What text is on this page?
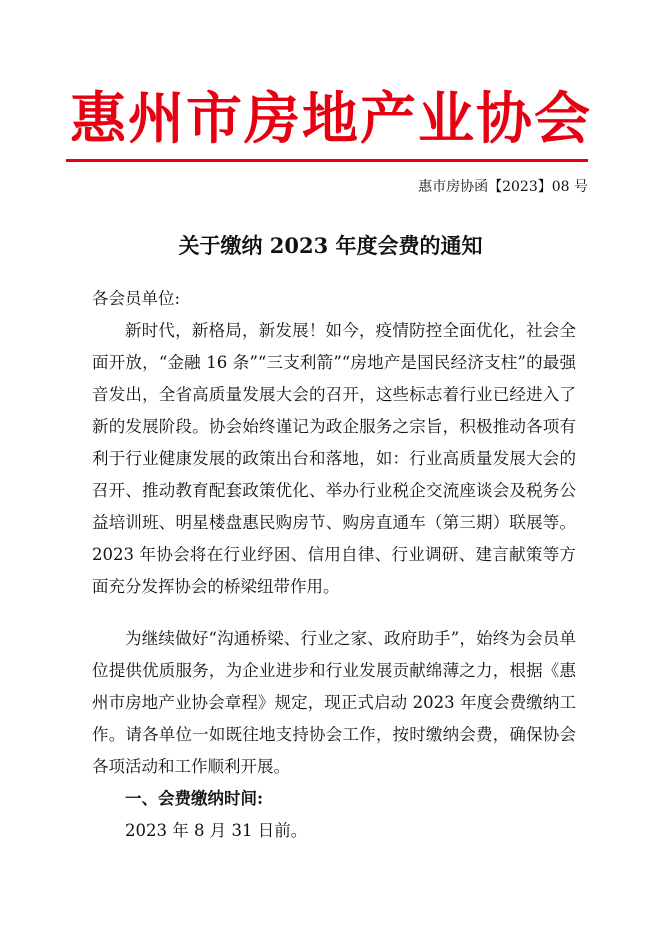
惠州市房地产业协会
惠市房协函【2023】08 号
关于缴纳 2023 年度会费的通知
各会员单位:
新时代，新格局，新发展！如今，疫情防控全面优化，社会全面开放，“金融 16 条”“三支利箭”“房地产是国民经济支柱”的最强音发出，全省高质量发展大会的召开，这些标志着行业已经进入了新的发展阶段。协会始终谨记为政企服务之宗旨，积极推动各项有利于行业健康发展的政策出台和落地，如：行业高质量发展大会的召开、推动教育配套政策优化、举办行业税企交流座谈会及税务公益培训班、明星楼盘惠民购房节、购房直通车（第三期）联展等。2023 年协会将在行业纾困、信用自律、行业调研、建言献策等方面充分发挥协会的桥梁纽带作用。
为继续做好“沟通桥梁、行业之家、政府助手”，始终为会员单位提供优质服务，为企业进步和行业发展贡献绵薄之力，根据《惠州市房地产业协会章程》规定，现正式启动 2023 年度会费缴纳工作。请各单位一如既往地支持协会工作，按时缴纳会费，确保协会各项活动和工作顺利开展。
一、会费缴纳时间:
2023 年 8 月 31 日前。
